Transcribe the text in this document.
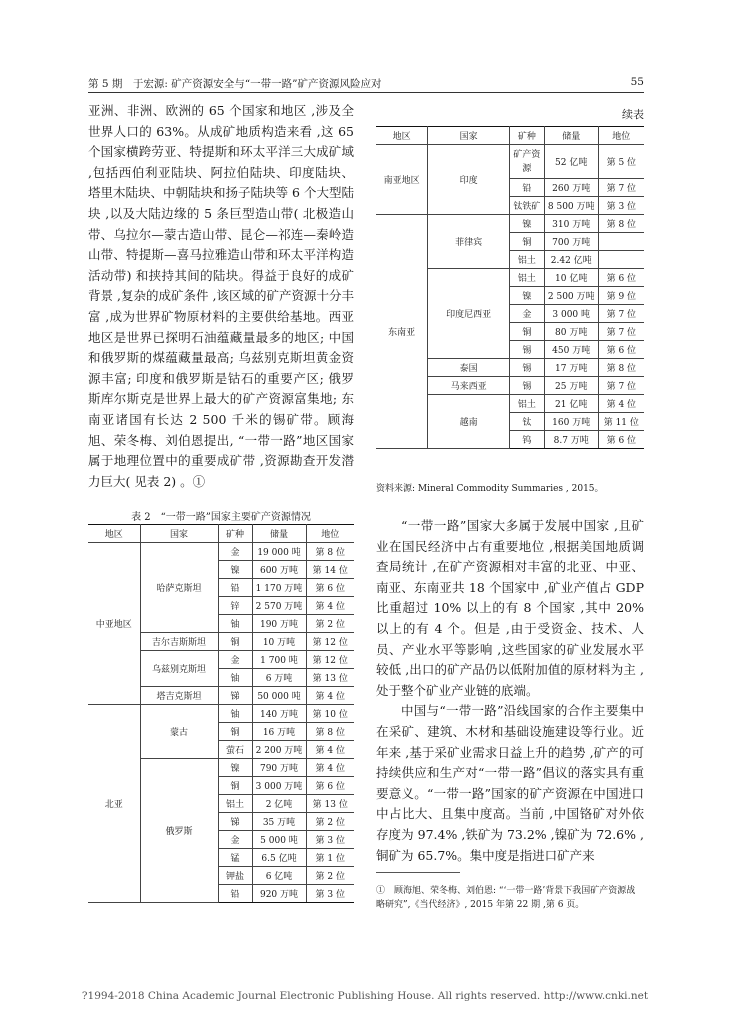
第 5 期　于宏源: 矿产资源安全与“一带一路”矿产资源风险应对	55

亚洲、非洲、欧洲的 65 个国家和地区 ,涉及全世界人口的 63%。从成矿地质构造来看 ,这 65 个国家横跨劳亚、特提斯和环太平洋三大成矿域 ,包括西伯利亚陆块、阿拉伯陆块、印度陆块、塔里木陆块、中朝陆块和扬子陆块等 6 个大型陆块 ,以及大陆边缘的 5 条巨型造山带( 北极造山带、乌拉尔—蒙古造山带、昆仑—祁连—秦岭造山带、特提斯—喜马拉雅造山带和环太平洋构造活动带) 和挟持其间的陆块。得益于良好的成矿背景 ,复杂的成矿条件 ,该区域的矿产资源十分丰富 ,成为世界矿物原材料的主要供给基地。西亚地区是世界已探明石油蕴藏量最多的地区; 中国和俄罗斯的煤蕴藏量最高; 乌兹别克斯坦黄金资源丰富; 印度和俄罗斯是钴石的重要产区; 俄罗斯库尔斯克是世界上最大的矿产资源富集地; 东南亚诸国有长达 2 500 千米的锡矿带。顾海旭、荣冬梅、刘伯恩提出, “一带一路”地区国家属于地理位置中的重要成矿带 ,资源勘查开发潜力巨大( 见表 2) 。①

表 2　“一带一路”国家主要矿产资源情况
地区	国家	矿种	储量	地位
中亚地区	哈萨克斯坦	金	19 000 吨	第 8 位
		镍	600 万吨	第 14 位
		铅	1 170 万吨	第 6 位
		锌	2 570 万吨	第 4 位
		铀	190 万吨	第 2 位
	吉尔吉斯斯坦	铜	10 万吨	第 12 位
	乌兹别克斯坦	金	1 700 吨	第 12 位
		铀	6 万吨	第 13 位
	塔吉克斯坦	锑	50 000 吨	第 4 位
北亚	蒙古	铀	140 万吨	第 10 位
		铜	16 万吨	第 8 位
		萤石	2 200 万吨	第 4 位
	俄罗斯	镍	790 万吨	第 4 位
		铜	3 000 万吨	第 6 位
		铝土	2 亿吨	第 13 位
		锑	35 万吨	第 2 位
		金	5 000 吨	第 3 位
		锰	6.5 亿吨	第 1 位
		钾盐	6 亿吨	第 2 位
		铅	920 万吨	第 3 位
续表
地区	国家	矿种	储量	地位
南亚地区	印度	矿产资源	52 亿吨	第 5 位
		铅	260 万吨	第 7 位
		钛铁矿	8 500 万吨	第 3 位
东南亚	菲律宾	镍	310 万吨	第 8 位
		铜	700 万吨	
		铝土	2.42 亿吨	
	印度尼西亚	铝土	10 亿吨	第 6 位
		镍	2 500 万吨	第 9 位
		金	3 000 吨	第 7 位
		铜	80 万吨	第 7 位
		锡	450 万吨	第 6 位
	泰国	锡	17 万吨	第 8 位
	马来西亚	锡	25 万吨	第 7 位
	越南	铝土	21 亿吨	第 4 位
		钛	160 万吨	第 11 位
		钨	8.7 万吨	第 6 位
资料来源: Mineral Commodity Summaries , 2015。

“一带一路”国家大多属于发展中国家 ,且矿业在国民经济中占有重要地位 ,根据美国地质调查局统计 ,在矿产资源相对丰富的北亚、中亚、南亚、东南亚共 18 个国家中 ,矿业产值占 GDP 比重超过 10% 以上的有 8 个国家 ,其中 20% 以上的有 4 个。但是 ,由于受资金、技术、人员、产业水平等影响 ,这些国家的矿业发展水平较低 ,出口的矿产品仍以低附加值的原材料为主 ,处于整个矿业产业链的底端。

中国与“一带一路”沿线国家的合作主要集中在采矿、建筑、木材和基础设施建设等行业。近年来 ,基于采矿业需求日益上升的趋势 ,矿产的可持续供应和生产对“一带一路”倡议的落实具有重要意义。“一带一路”国家的矿产资源在中国进口中占比大、且集中度高。当前 ,中国铬矿对外依存度为 97.4% ,铁矿为 73.2% ,镍矿为 72.6% ,铜矿为 65.7%。集中度是指进口矿产来

①　顾海旭、荣冬梅、刘伯恩: “‘一带一路’背景下我国矿产资源战略研究”,《当代经济》, 2015 年第 22 期 ,第 6 页。
?1994-2018 China Academic Journal Electronic Publishing House. All rights reserved. http://www.cnki.net
